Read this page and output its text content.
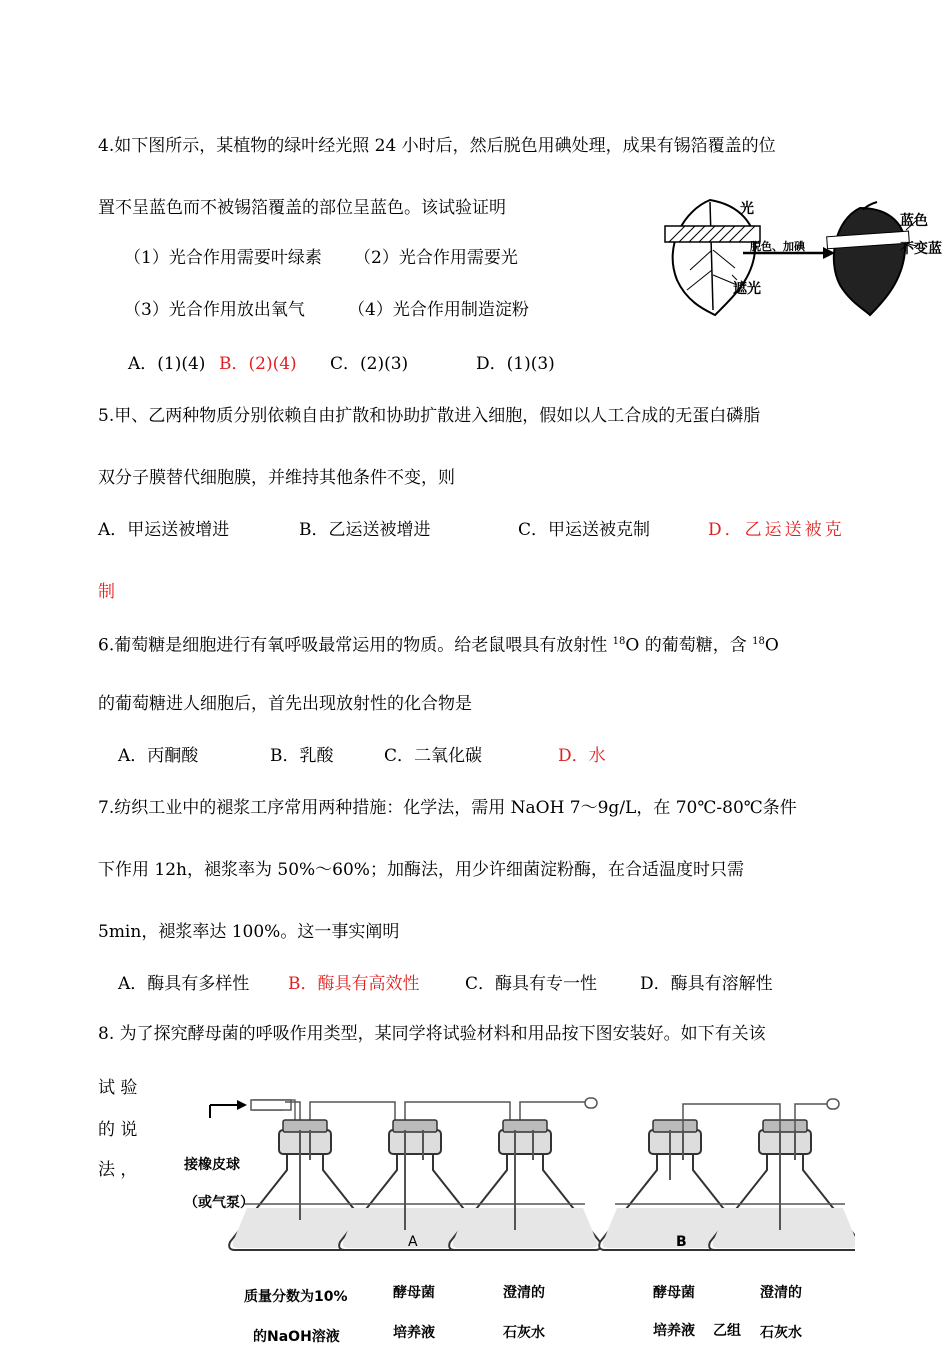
4.如下图所示，某植物的绿叶经光照 24 小时后，然后脱色用碘处理，成果有锡箔覆盖的位
置不呈蓝色而不被锡箔覆盖的部位呈蓝色。该试验证明
（1）光合作用需要叶绿素 （2）光合作用需要光
（3）光合作用放出氧气	（4）光合作用制造淀粉
A．(1)(4) B．(2)(4) C．(2)(3)	D．(1)(3)
光
脱色、加碘
遮光
蓝色
不变蓝
5.甲、乙两种物质分别依赖自由扩散和协助扩散进入细胞，假如以人工合成的无蛋白磷脂
双分子膜替代细胞膜，并维持其他条件不变，则
A．甲运送被增进	B．乙运送被增进	C．甲运送被克制	D．乙运送被克
制
6.葡萄糖是细胞进行有氧呼吸最常运用的物质。给老鼠喂具有放射性 $^{18}$O 的葡萄糖，含 $^{18}$O
的葡萄糖进人细胞后，首先出现放射性的化合物是
A．丙酮酸	B．乳酸	C．二氧化碳	D．水
7.纺织工业中的褪浆工序常用两种措施：化学法，需用 NaOH 7～9g/L，在 70℃-80℃条件
下作用 12h，褪浆率为 50%～60%；加酶法，用少许细菌淀粉酶，在合适温度时只需
5min，褪浆率达 100%。这一事实阐明
A．酶具有多样性 B．酶具有高效性	C．酶具有专一性	D．酶具有溶解性
8. 为了探究酵母菌的呼吸作用类型，某同学将试验材料和用品按下图安装好。如下有关该
试 验
的 说
法 ，
A	B
接橡皮球
（或气泵）
质量分数为10%
的NaOH溶液
酵母菌
培养液
澄清的
石灰水
酵母菌
培养液 乙组
澄清的
石灰水
